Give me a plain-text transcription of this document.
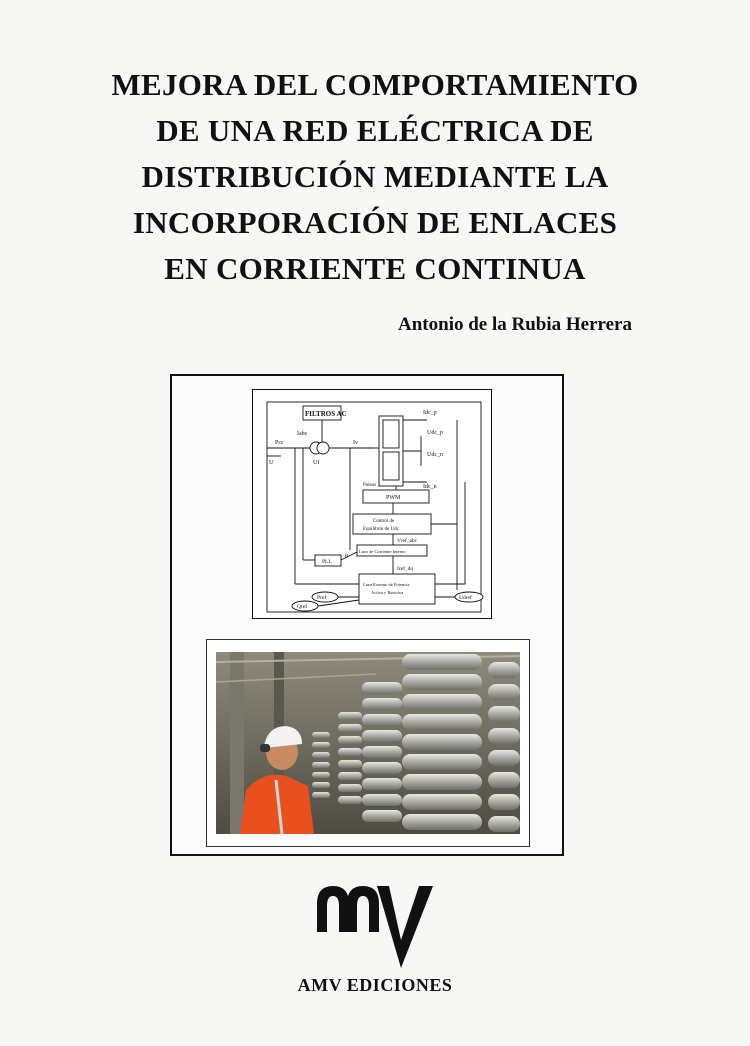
MEJORA DEL COMPORTAMIENTO
DE UNA RED ELÉCTRICA DE
DISTRIBUCIÓN MEDIANTE LA
INCORPORACIÓN DE ENLACES
EN CORRIENTE CONTINUA
Antonio de la Rubia Herrera
FILTROS AC
Pcc
U
Iabc
Uf
Iv
Idc_p
Udc_p
Udc_n
Idc_n
Pulsos
PWM
Control de
Equilibrio de Udc
Vref_abc
Lazo de Corriente Interno
PLL
θ
Iref_dq
Pref
Qref
Udref
Lazo Externo de Potencia
Activa y Reactiva
AMV EDICIONES
